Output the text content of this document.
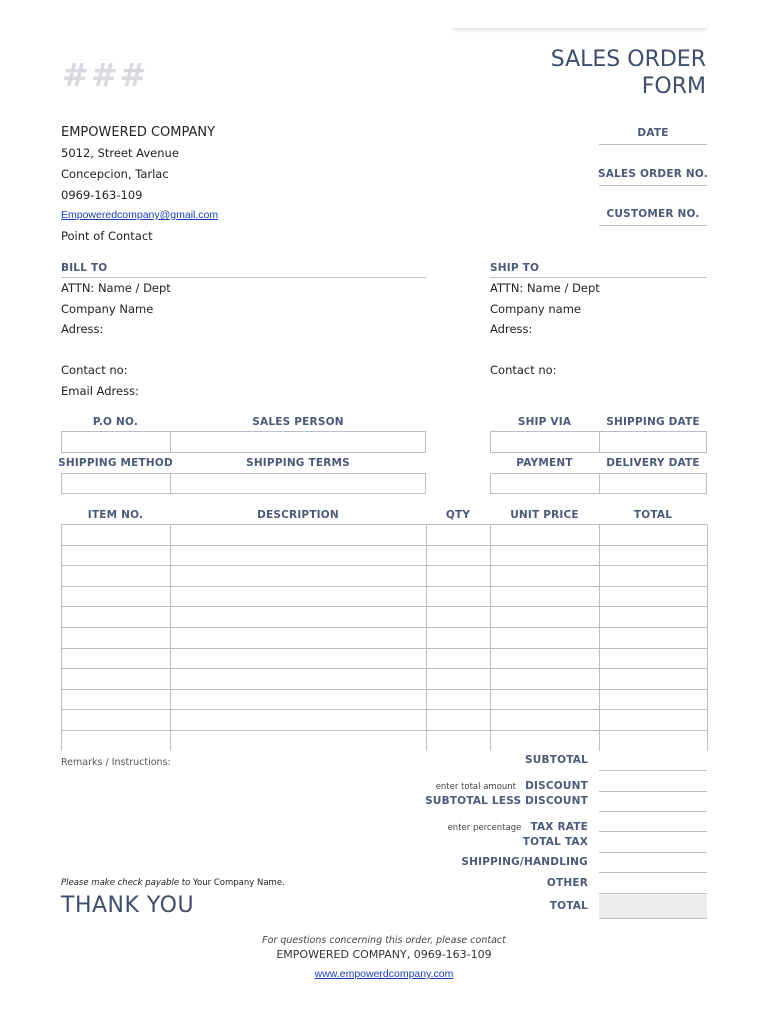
###	SALES ORDER
FORM
EMPOWERED COMPANY
5012, Street Avenue
Concepcion, Tarlac
0969-163-109
Empoweredcompany@gmail.com
Point of Contact
DATE
SALES ORDER NO.
CUSTOMER NO.
BILL TO
ATTN: Name / Dept
Company Name
Adress:
Contact no:
Email Adress:
SHIP TO
ATTN: Name / Dept
Company name
Adress:
Contact no:
P.O NO.	SALES PERSON	SHIP VIA	SHIPPING DATE
SHIPPING METHOD	SHIPPING TERMS	PAYMENT	DELIVERY DATE
ITEM NO.	DESCRIPTION	QTY	UNIT PRICE	TOTAL
Remarks / Instructions:	SUBTOTAL
enter total amount DISCOUNT
SUBTOTAL LESS DISCOUNT
enter percentage TAX RATE
TOTAL TAX
SHIPPING/HANDLING
OTHER
TOTAL
Please make check payable to Your Company Name.
THANK YOU
For questions concerning this order, please contact
EMPOWERED COMPANY, 0969-163-109
www.empowerdcompany.com
